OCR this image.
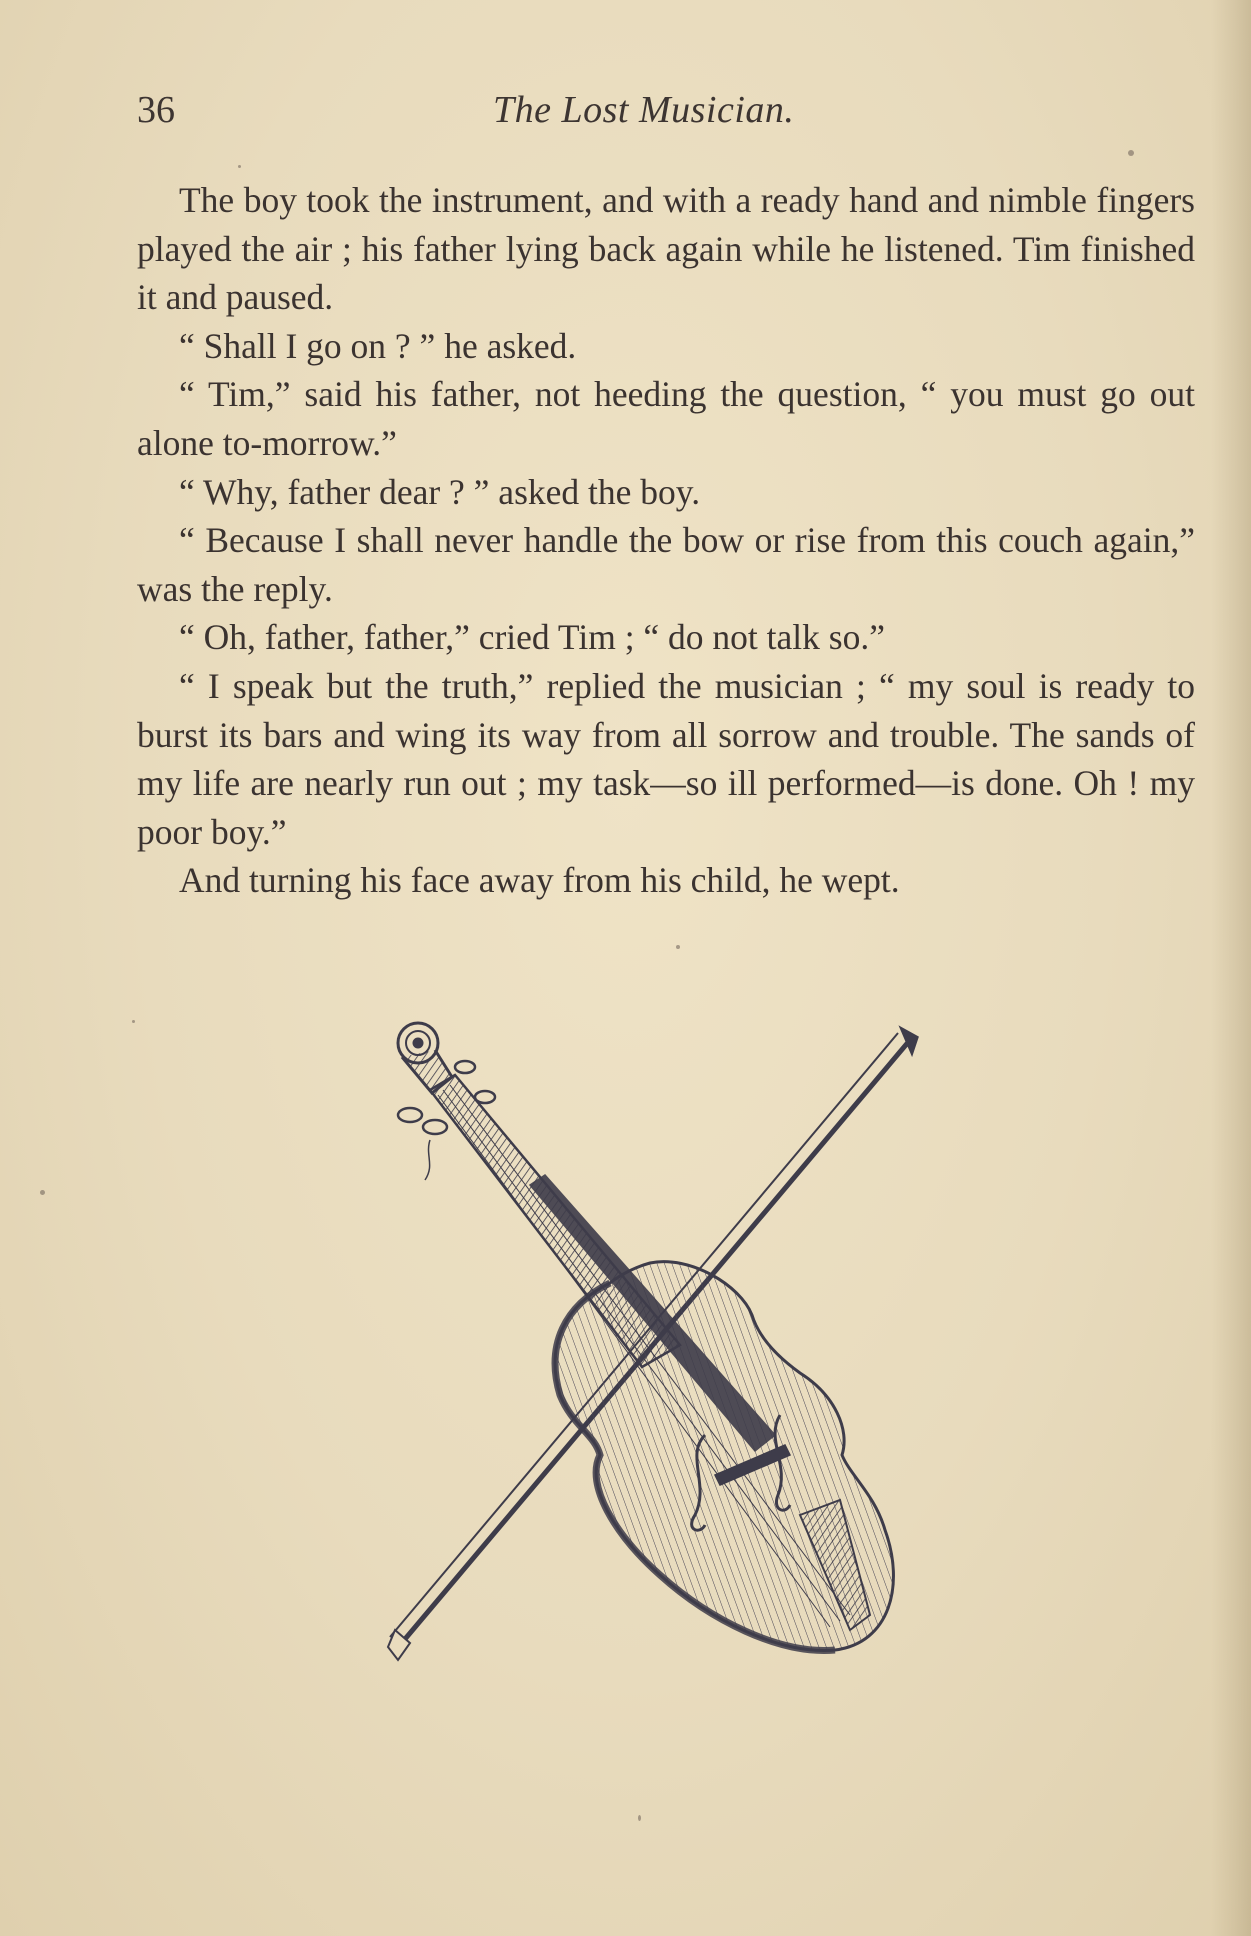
36	The Lost Musician.

The boy took the instrument, and with a ready hand and nimble fingers played the air ; his father lying back again while he listened. Tim finished it and paused.

“ Shall I go on ? ” he asked.

“ Tim,” said his father, not heeding the question, “ you must go out alone to-morrow.”

“ Why, father dear ? ” asked the boy.

“ Because I shall never handle the bow or rise from this couch again,” was the reply.

“ Oh, father, father,” cried Tim ; “ do not talk so.”

“ I speak but the truth,” replied the musician ; “ my soul is ready to burst its bars and wing its way from all sorrow and trouble. The sands of my life are nearly run out ; my task—so ill performed—is done. Oh ! my poor boy.”

And turning his face away from his child, he wept.
